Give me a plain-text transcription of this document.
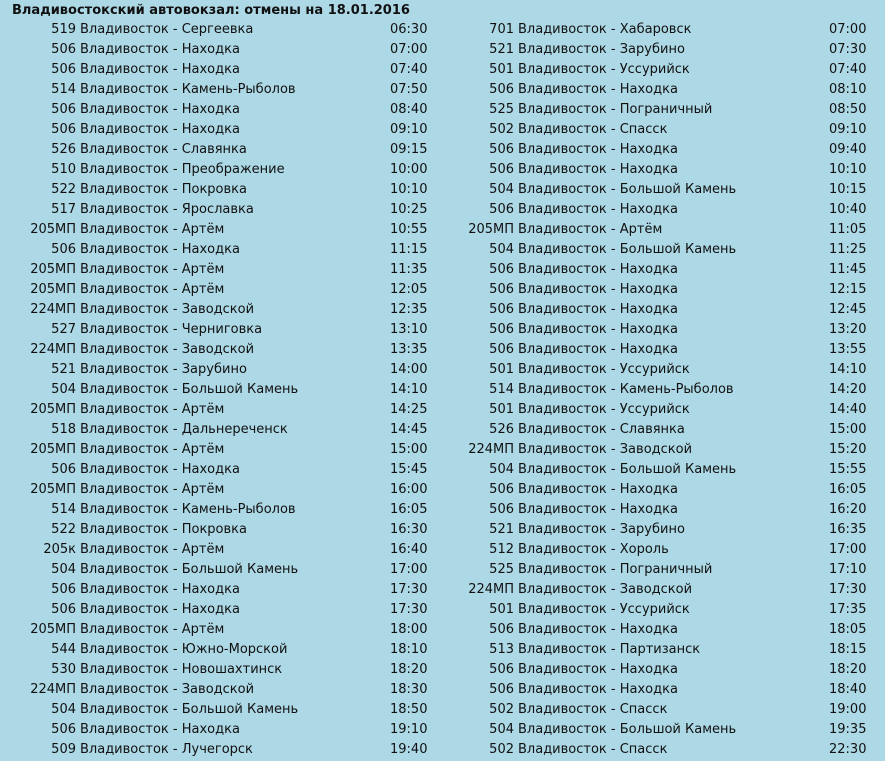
Владивостокский автовокзал: отмены на 18.01.2016
519 Владивосток - Сергеевка	06:30
506 Владивосток - Находка	07:00
506 Владивосток - Находка	07:40
514 Владивосток - Камень-Рыболов	07:50
506 Владивосток - Находка	08:40
506 Владивосток - Находка	09:10
526 Владивосток - Славянка	09:15
510 Владивосток - Преображение	10:00
522 Владивосток - Покровка	10:10
517 Владивосток - Ярославка	10:25
205МП Владивосток - Артём	10:55
506 Владивосток - Находка	11:15
205МП Владивосток - Артём	11:35
205МП Владивосток - Артём	12:05
224МП Владивосток - Заводской	12:35
527 Владивосток - Черниговка	13:10
224МП Владивосток - Заводской	13:35
521 Владивосток - Зарубино	14:00
504 Владивосток - Большой Камень	14:10
205МП Владивосток - Артём	14:25
518 Владивосток - Дальнереченск	14:45
205МП Владивосток - Артём	15:00
506 Владивосток - Находка	15:45
205МП Владивосток - Артём	16:00
514 Владивосток - Камень-Рыболов	16:05
522 Владивосток - Покровка	16:30
205к Владивосток - Артём	16:40
504 Владивосток - Большой Камень	17:00
506 Владивосток - Находка	17:30
506 Владивосток - Находка	17:30
205МП Владивосток - Артём	18:00
544 Владивосток - Южно-Морской	18:10
530 Владивосток - Новошахтинск	18:20
224МП Владивосток - Заводской	18:30
504 Владивосток - Большой Камень	18:50
506 Владивосток - Находка	19:10
509 Владивосток - Лучегорск	19:40
701 Владивосток - Хабаровск	07:00
521 Владивосток - Зарубино	07:30
501 Владивосток - Уссурийск	07:40
506 Владивосток - Находка	08:10
525 Владивосток - Пограничный	08:50
502 Владивосток - Спасск	09:10
506 Владивосток - Находка	09:40
506 Владивосток - Находка	10:10
504 Владивосток - Большой Камень	10:15
506 Владивосток - Находка	10:40
205МП Владивосток - Артём	11:05
504 Владивосток - Большой Камень	11:25
506 Владивосток - Находка	11:45
506 Владивосток - Находка	12:15
506 Владивосток - Находка	12:45
506 Владивосток - Находка	13:20
506 Владивосток - Находка	13:55
501 Владивосток - Уссурийск	14:10
514 Владивосток - Камень-Рыболов	14:20
501 Владивосток - Уссурийск	14:40
526 Владивосток - Славянка	15:00
224МП Владивосток - Заводской	15:20
504 Владивосток - Большой Камень	15:55
506 Владивосток - Находка	16:05
506 Владивосток - Находка	16:20
521 Владивосток - Зарубино	16:35
512 Владивосток - Хороль	17:00
525 Владивосток - Пограничный	17:10
224МП Владивосток - Заводской	17:30
501 Владивосток - Уссурийск	17:35
506 Владивосток - Находка	18:05
513 Владивосток - Партизанск	18:15
506 Владивосток - Находка	18:20
506 Владивосток - Находка	18:40
502 Владивосток - Спасск	19:00
504 Владивосток - Большой Камень	19:35
502 Владивосток - Спасск	22:30
